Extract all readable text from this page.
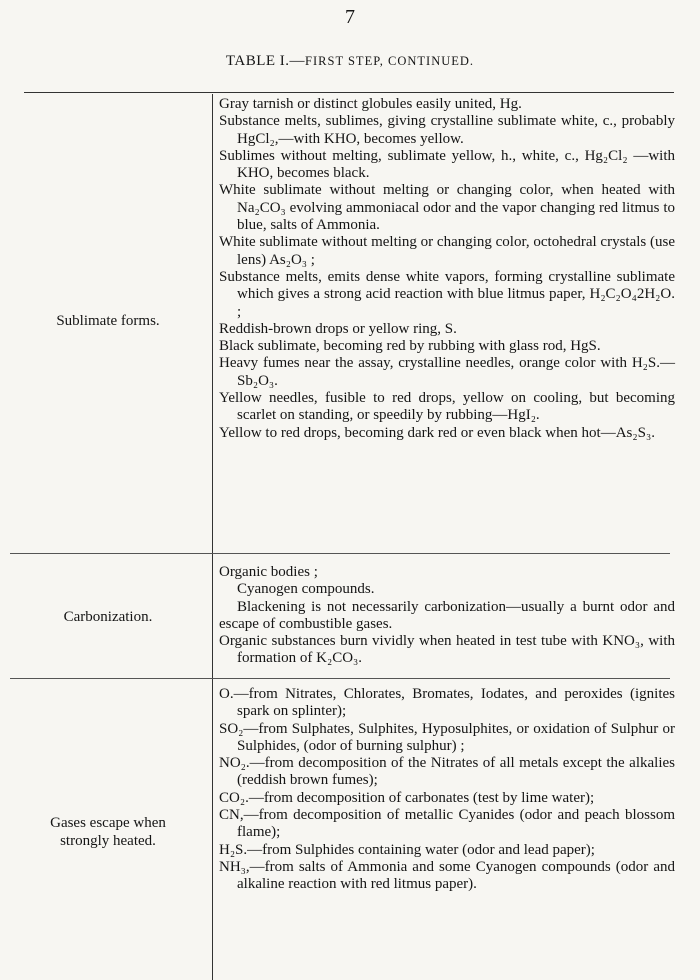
7
TABLE I.—FIRST STEP, CONTINUED.
Sublimate forms.
Gray tarnish or distinct globules easily united, Hg.
Substance melts, sublimes, giving crystalline sublimate white, c., probably HgCl₂,—with KHO, becomes yellow.
Sublimes without melting, sublimate yellow, h., white, c., Hg₂Cl₂ —with KHO, becomes black.
White sublimate without melting or changing color, when heated with Na₂CO₃ evolving ammoniacal odor and the vapor changing red litmus to blue, salts of Ammonia.
White sublimate without melting or changing color, octohedral crystals (use lens) As₂O₃ ;
Substance melts, emits dense white vapors, forming crystalline sublimate which gives a strong acid reaction with blue litmus paper, H₂C₂O₄2H₂O. ;
Reddish-brown drops or yellow ring, S.
Black sublimate, becoming red by rubbing with glass rod, HgS.
Heavy fumes near the assay, crystalline needles, orange color with H₂S.—Sb₂O₃.
Yellow needles, fusible to red drops, yellow on cooling, but becoming scarlet on standing, or speedily by rubbing—HgI₂.
Yellow to red drops, becoming dark red or even black when hot—As₂S₃.
Carbonization.
Organic bodies ;
Cyanogen compounds.
Blackening is not necessarily carbonization—usually a burnt odor and escape of combustible gases.
Organic substances burn vividly when heated in test tube with KNO₃, with formation of K₂CO₃.
Gases escape when
strongly heated.
O.—from Nitrates, Chlorates, Bromates, Iodates, and peroxides (ignites spark on splinter);
SO₂—from Sulphates, Sulphites, Hyposulphites, or oxidation of Sulphur or Sulphides, (odor of burning sulphur) ;
NO₂.—from decomposition of the Nitrates of all metals except the alkalies (reddish brown fumes);
CO₂.—from decomposition of carbonates (test by lime water);
CN,—from decomposition of metallic Cyanides (odor and peach blossom flame);
H₂S.—from Sulphides containing water (odor and lead paper);
NH₃,—from salts of Ammonia and some Cyanogen compounds (odor and alkaline reaction with red litmus paper).
